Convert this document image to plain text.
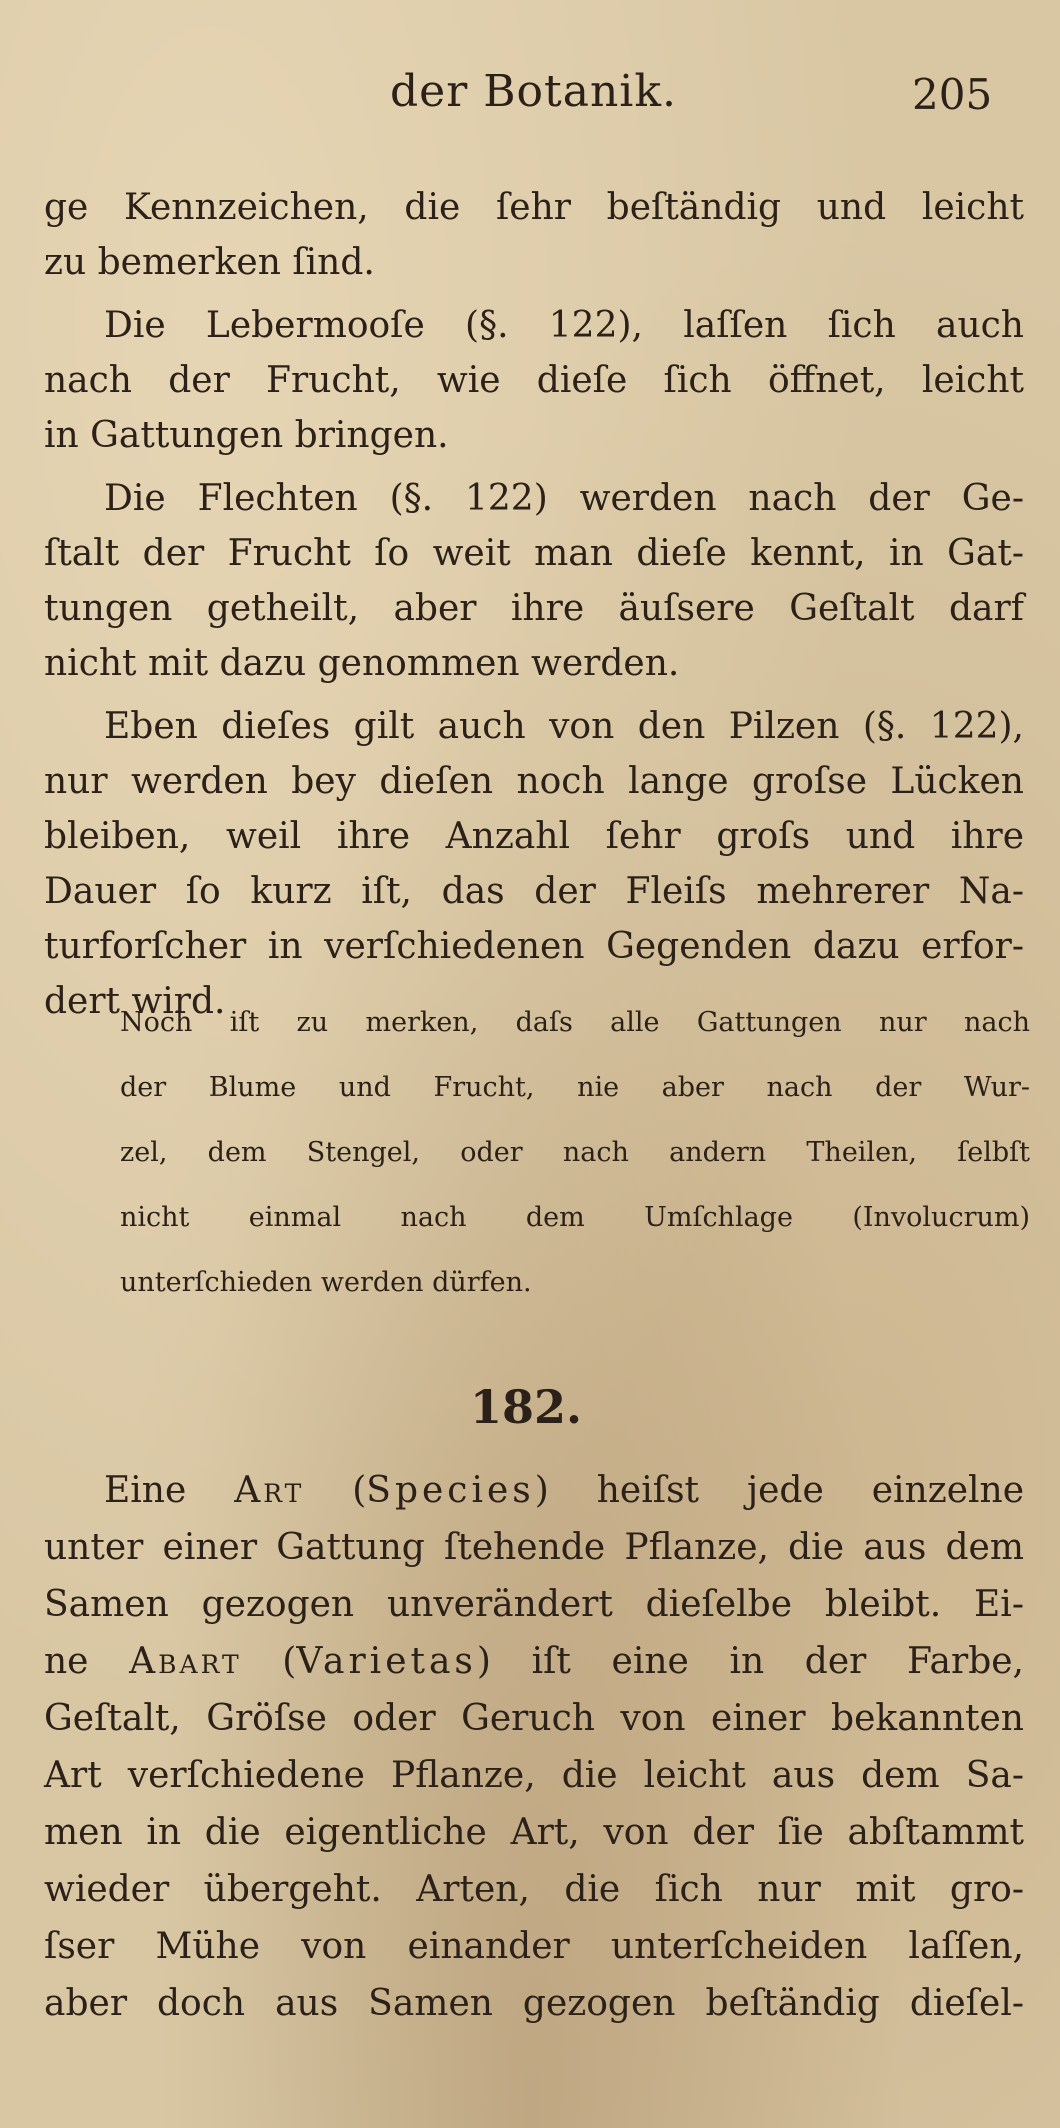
der Botanik.	205
ge Kennzeichen, die ſehr beſtändig und leicht
zu bemerken ſind.
Die Lebermooſe (§. 122), laſſen ſich auch
nach der Frucht, wie dieſe ſich öffnet, leicht
in Gattungen bringen.
Die Flechten (§. 122) werden nach der Ge-
ſtalt der Frucht ſo weit man dieſe kennt, in Gat-
tungen getheilt, aber ihre äuſsere Geſtalt darf
nicht mit dazu genommen werden.
Eben dieſes gilt auch von den Pilzen (§. 122),
nur werden bey dieſen noch lange groſse Lücken
bleiben, weil ihre Anzahl ſehr groſs und ihre
Dauer ſo kurz iſt, das der Fleiſs mehrerer Na-
turforſcher in verſchiedenen Gegenden dazu erfor-
dert wird.
Noch iſt zu merken, daſs alle Gattungen nur nach
der Blume und Frucht, nie aber nach der Wur-
zel, dem Stengel, oder nach andern Theilen, ſelbſt
nicht einmal nach dem Umſchlage (Involucrum)
unterſchieden werden dürfen.
182.
Eine Art (Species) heiſst jede einzelne
unter einer Gattung ſtehende Pflanze, die aus dem
Samen gezogen unverändert dieſelbe bleibt. Ei-
ne Abart (Varietas) iſt eine in der Farbe,
Geſtalt, Gröſse oder Geruch von einer bekannten
Art verſchiedene Pflanze, die leicht aus dem Sa-
men in die eigentliche Art, von der ſie abſtammt
wieder übergeht. Arten, die ſich nur mit gro-
ſser Mühe von einander unterſcheiden laſſen,
aber doch aus Samen gezogen beſtändig dieſel-
